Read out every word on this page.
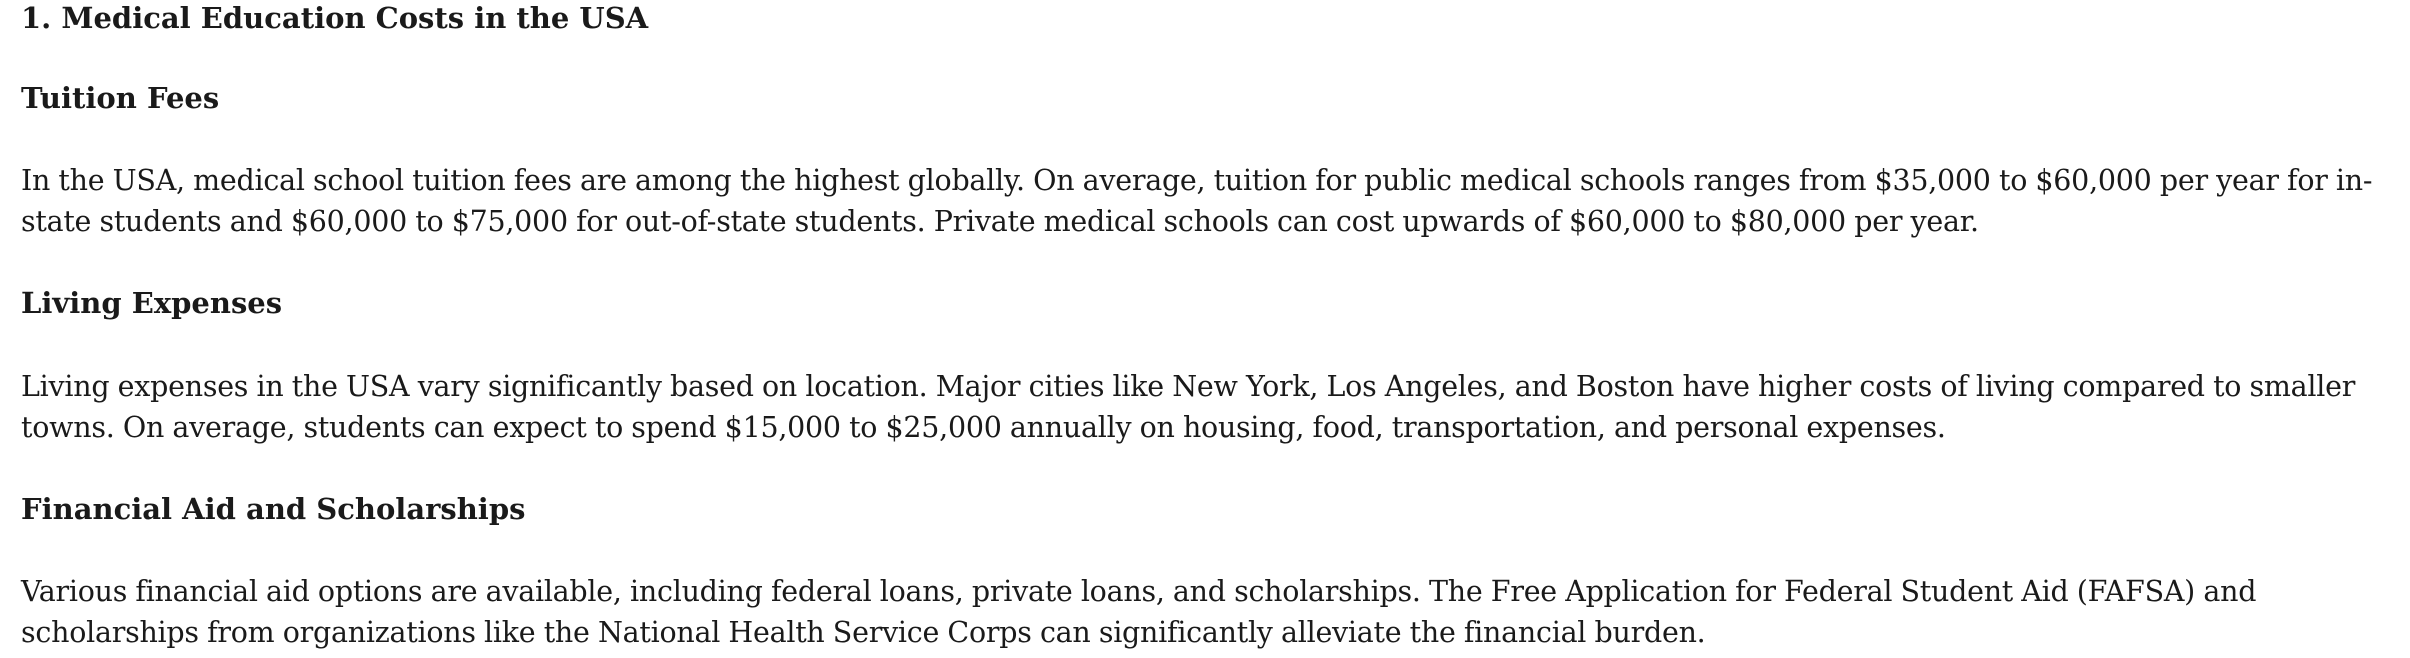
1. Medical Education Costs in the USA
Tuition Fees

In the USA, medical school tuition fees are among the highest globally. On average, tuition for public medical schools ranges from $35,000 to $60,000 per year for in-state students and $60,000 to $75,000 for out-of-state students. Private medical schools can cost upwards of $60,000 to $80,000 per year.

Living Expenses

Living expenses in the USA vary significantly based on location. Major cities like New York, Los Angeles, and Boston have higher costs of living compared to smaller towns. On average, students can expect to spend $15,000 to $25,000 annually on housing, food, transportation, and personal expenses.

Financial Aid and Scholarships

Various financial aid options are available, including federal loans, private loans, and scholarships. The Free Application for Federal Student Aid (FAFSA) and scholarships from organizations like the National Health Service Corps can significantly alleviate the financial burden.
